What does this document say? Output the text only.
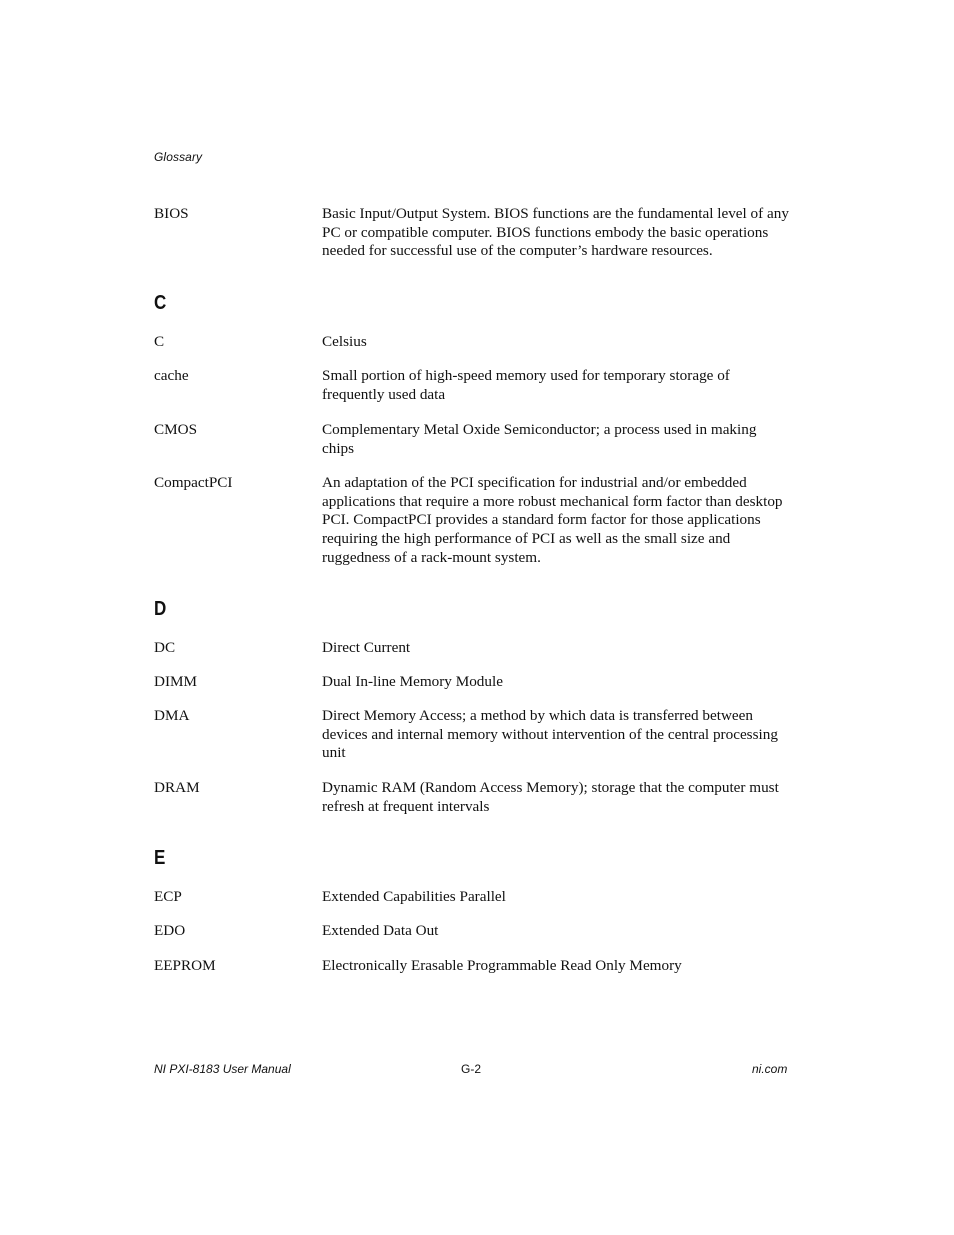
Glossary
BIOS	Basic Input/Output System. BIOS functions are the fundamental level of any PC or compatible computer. BIOS functions embody the basic operations needed for successful use of the computer’s hardware resources.
C
C	Celsius
cache	Small portion of high-speed memory used for temporary storage of frequently used data
CMOS	Complementary Metal Oxide Semiconductor; a process used in making chips
CompactPCI	An adaptation of the PCI specification for industrial and/or embedded applications that require a more robust mechanical form factor than desktop PCI. CompactPCI provides a standard form factor for those applications requiring the high performance of PCI as well as the small size and ruggedness of a rack-mount system.
D
DC	Direct Current
DIMM	Dual In-line Memory Module
DMA	Direct Memory Access; a method by which data is transferred between devices and internal memory without intervention of the central processing unit
DRAM	Dynamic RAM (Random Access Memory); storage that the computer must refresh at frequent intervals
E
ECP	Extended Capabilities Parallel
EDO	Extended Data Out
EEPROM	Electronically Erasable Programmable Read Only Memory
NI PXI-8183 User Manual	G-2	ni.com
